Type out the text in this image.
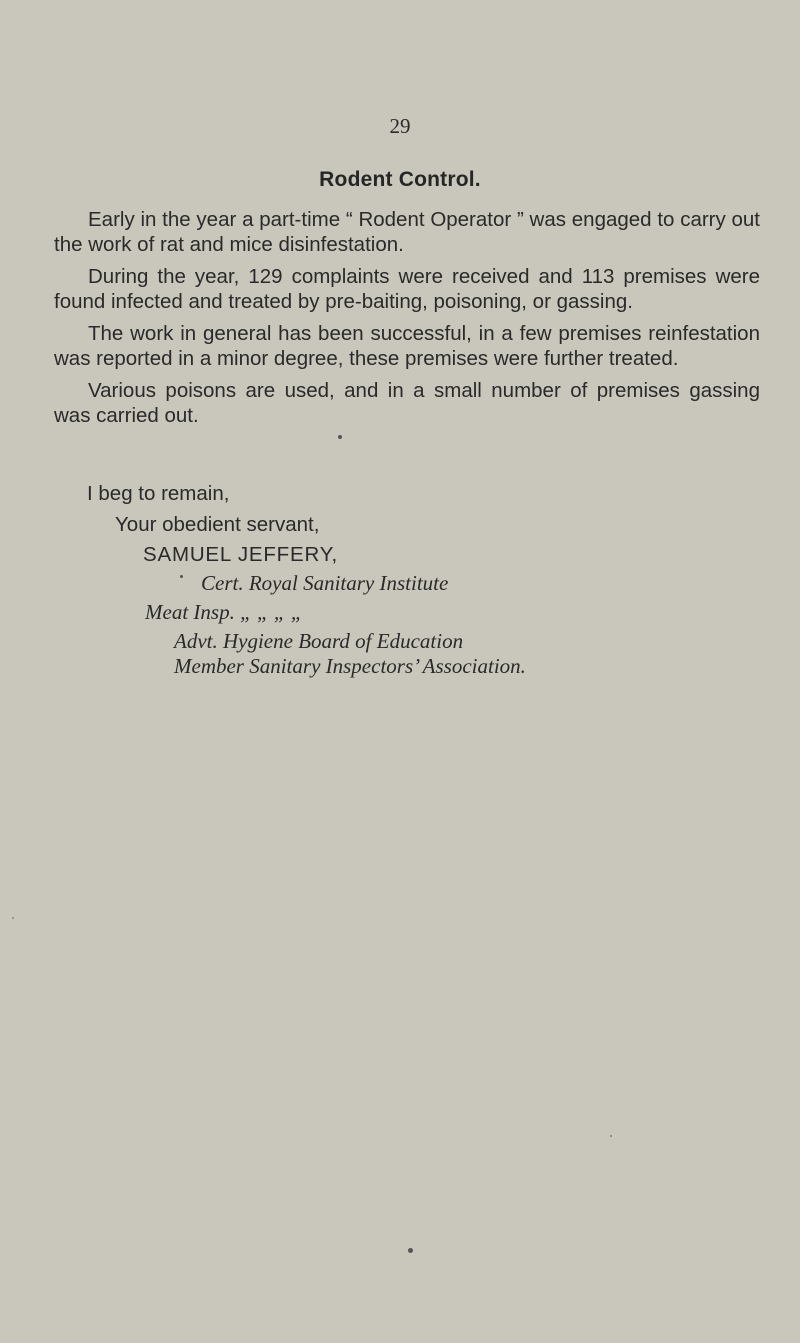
29
Rodent Control.

Early in the year a part-time “ Rodent Operator ” was engaged to carry out the work of rat and mice disinfestation.

During the year, 129 complaints were received and 113 premises were found infected and treated by pre-baiting, poisoning, or gassing.

The work in general has been successful, in a few premises reinfestation was reported in a minor degree, these premises were further treated.

Various poisons are used, and in a small number of premises gassing was carried out.

I beg to remain,
Your obedient servant,
SAMUEL JEFFERY,
Cert. Royal Sanitary Institute
Meat Insp. „ „ „ „
Advt. Hygiene Board of Education
Member Sanitary Inspectors’ Association.
